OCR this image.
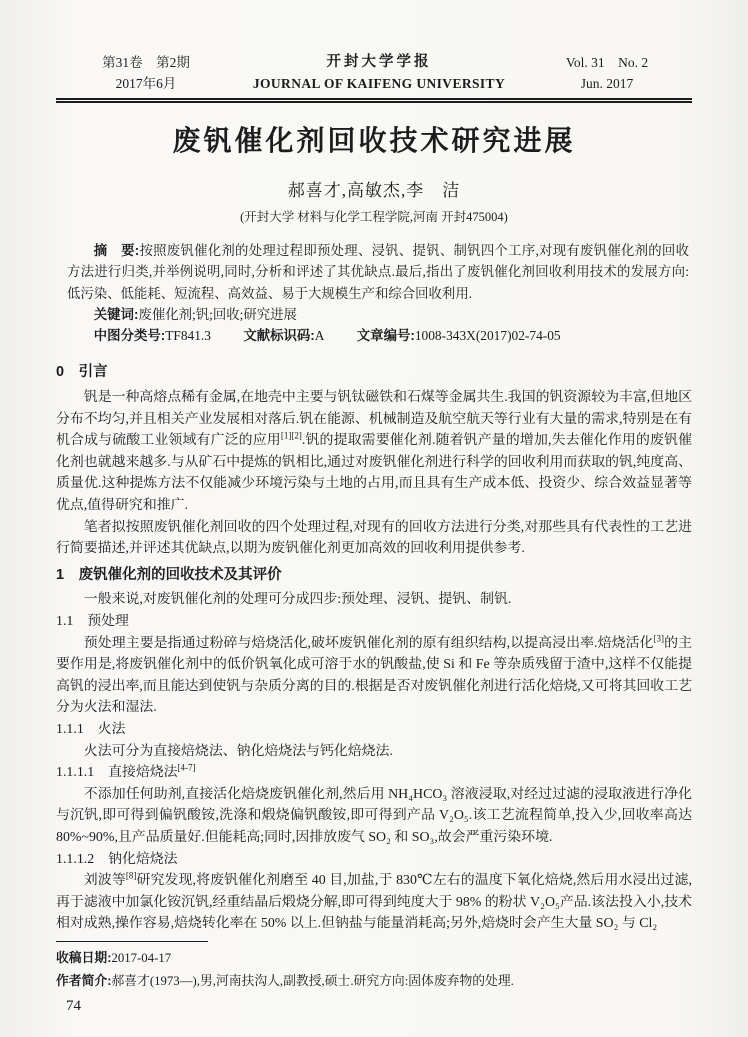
第31卷　第2期
2017年6月
开封大学学报
JOURNAL OF KAIFENG UNIVERSITY
Vol. 31　No. 2
Jun. 2017
废钒催化剂回收技术研究进展
郝喜才,高敏杰,李　洁
(开封大学 材料与化学工程学院,河南 开封475004)

摘　要:按照废钒催化剂的处理过程即预处理、浸钒、提钒、制钒四个工序,对现有废钒催化剂的回收方法进行归类,并举例说明,同时,分析和评述了其优缺点.最后,指出了废钒催化剂回收利用技术的发展方向:低污染、低能耗、短流程、高效益、易于大规模生产和综合回收利用.

关键词:废催化剂;钒;回收;研究进展

中图分类号:TF841.3 文献标识码:A 文章编号:1008-343X(2017)02-74-05

0　引言

钒是一种高熔点稀有金属,在地壳中主要与钒钛磁铁和石煤等金属共生.我国的钒资源较为丰富,但地区分布不均匀,并且相关产业发展相对落后.钒在能源、机械制造及航空航天等行业有大量的需求,特别是在有机合成与硫酸工业领域有广泛的应用[1][2].钒的提取需要催化剂.随着钒产量的增加,失去催化作用的废钒催化剂也就越来越多.与从矿石中提炼的钒相比,通过对废钒催化剂进行科学的回收利用而获取的钒,纯度高、质量优.这种提炼方法不仅能减少环境污染与土地的占用,而且具有生产成本低、投资少、综合效益显著等优点,值得研究和推广.

笔者拟按照废钒催化剂回收的四个处理过程,对现有的回收方法进行分类,对那些具有代表性的工艺进行简要描述,并评述其优缺点,以期为废钒催化剂更加高效的回收利用提供参考.

1　废钒催化剂的回收技术及其评价

一般来说,对废钒催化剂的处理可分成四步:预处理、浸钒、提钒、制钒.

1.1　预处理

预处理主要是指通过粉碎与焙烧活化,破坏废钒催化剂的原有组织结构,以提高浸出率.焙烧活化[3]的主要作用是,将废钒催化剂中的低价钒氧化成可溶于水的钒酸盐,使 Si 和 Fe 等杂质残留于渣中,这样不仅能提高钒的浸出率,而且能达到使钒与杂质分离的目的.根据是否对废钒催化剂进行活化焙烧,又可将其回收工艺分为火法和湿法.

1.1.1　火法

火法可分为直接焙烧法、钠化焙烧法与钙化焙烧法.

1.1.1.1　直接焙烧法[4-7]

不添加任何助剂,直接活化焙烧废钒催化剂,然后用 NH₄HCO₃ 溶液浸取,对经过过滤的浸取液进行净化与沉钒,即可得到偏钒酸铵,洗涤和煅烧偏钒酸铵,即可得到产品 V₂O₅.该工艺流程简单,投入少,回收率高达 80%~90%,且产品质量好.但能耗高;同时,因排放废气 SO₂ 和 SO₃,故会严重污染环境.

1.1.1.2　钠化焙烧法

刘波等[8]研究发现,将废钒催化剂磨至 40 目,加盐,于 830℃左右的温度下氧化焙烧,然后用水浸出过滤,再于滤液中加氯化铵沉钒,经重结晶后煅烧分解,即可得到纯度大于 98% 的粉状 V₂O₅产品.该法投入小,技术相对成熟,操作容易,焙烧转化率在 50% 以上.但钠盐与能量消耗高;另外,焙烧时会产生大量 SO₂ 与 Cl₂

收稿日期:2017-04-17
作者简介:郝喜才(1973—),男,河南扶沟人,副教授,硕士.研究方向:固体废弃物的处理.
74
